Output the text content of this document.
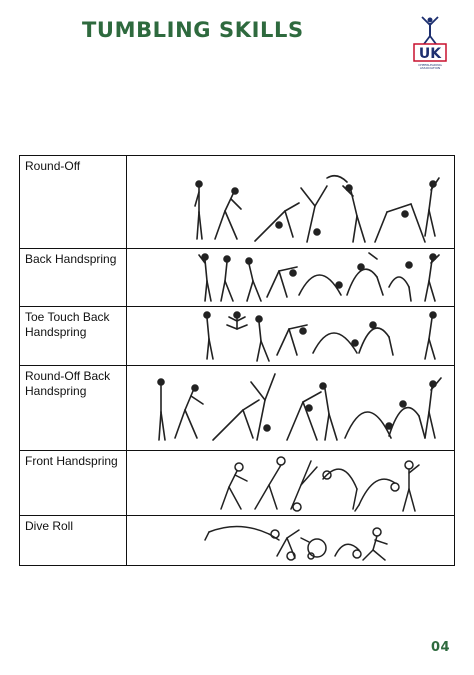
TUMBLING SKILLS
UK
CHEERLEADING ASSOCIATION
Round-Off

Back Handspring

Toe Touch Back Handspring

Round-Off Back Handspring

Front Handspring

Dive Roll

04
